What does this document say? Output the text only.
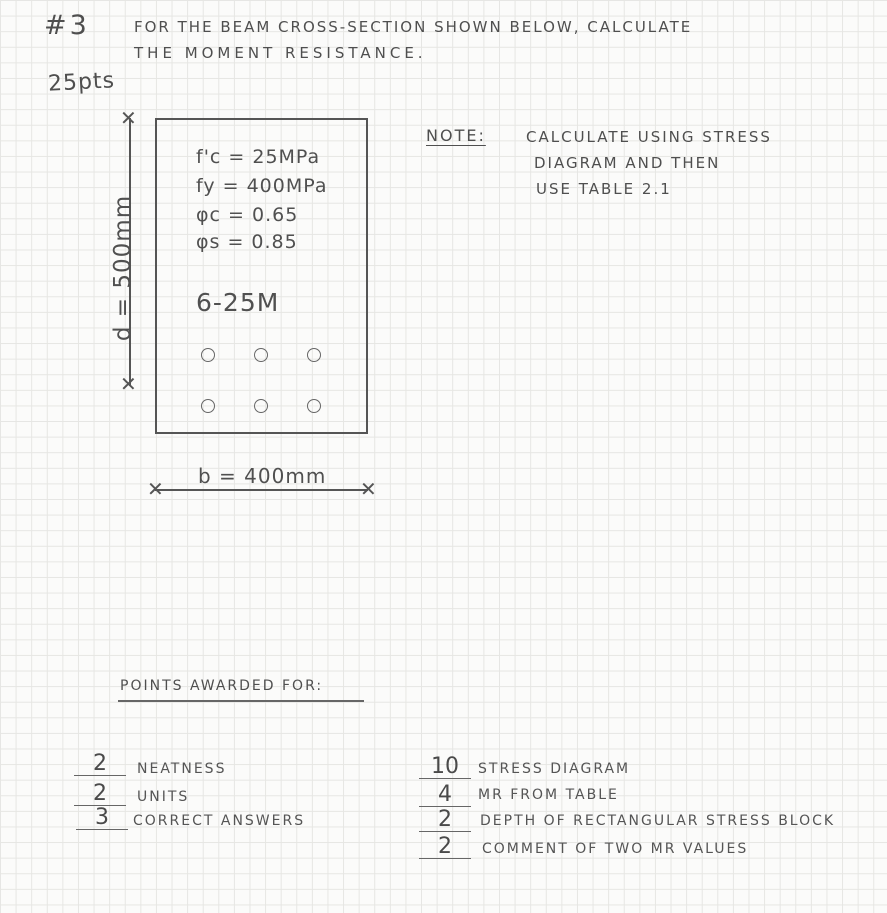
#3	FOR THE BEAM CROSS-SECTION SHOWN BELOW, CALCULATE
THE MOMENT RESISTANCE.
25pts
NOTE:	CALCULATE USING STRESS
DIAGRAM AND THEN
USE TABLE 2.1
f'c = 25MPa
fy = 400MPa
φc = 0.65
φs = 0.85
6-25M
✕
✕
d = 500mm
✕	✕
b = 400mm
POINTS AWARDED FOR:
2	NEATNESS
2	UNITS
3	CORRECT ANSWERS
10	STRESS DIAGRAM
4	MR FROM TABLE
2	DEPTH OF RECTANGULAR STRESS BLOCK
2	COMMENT OF TWO MR VALUES
